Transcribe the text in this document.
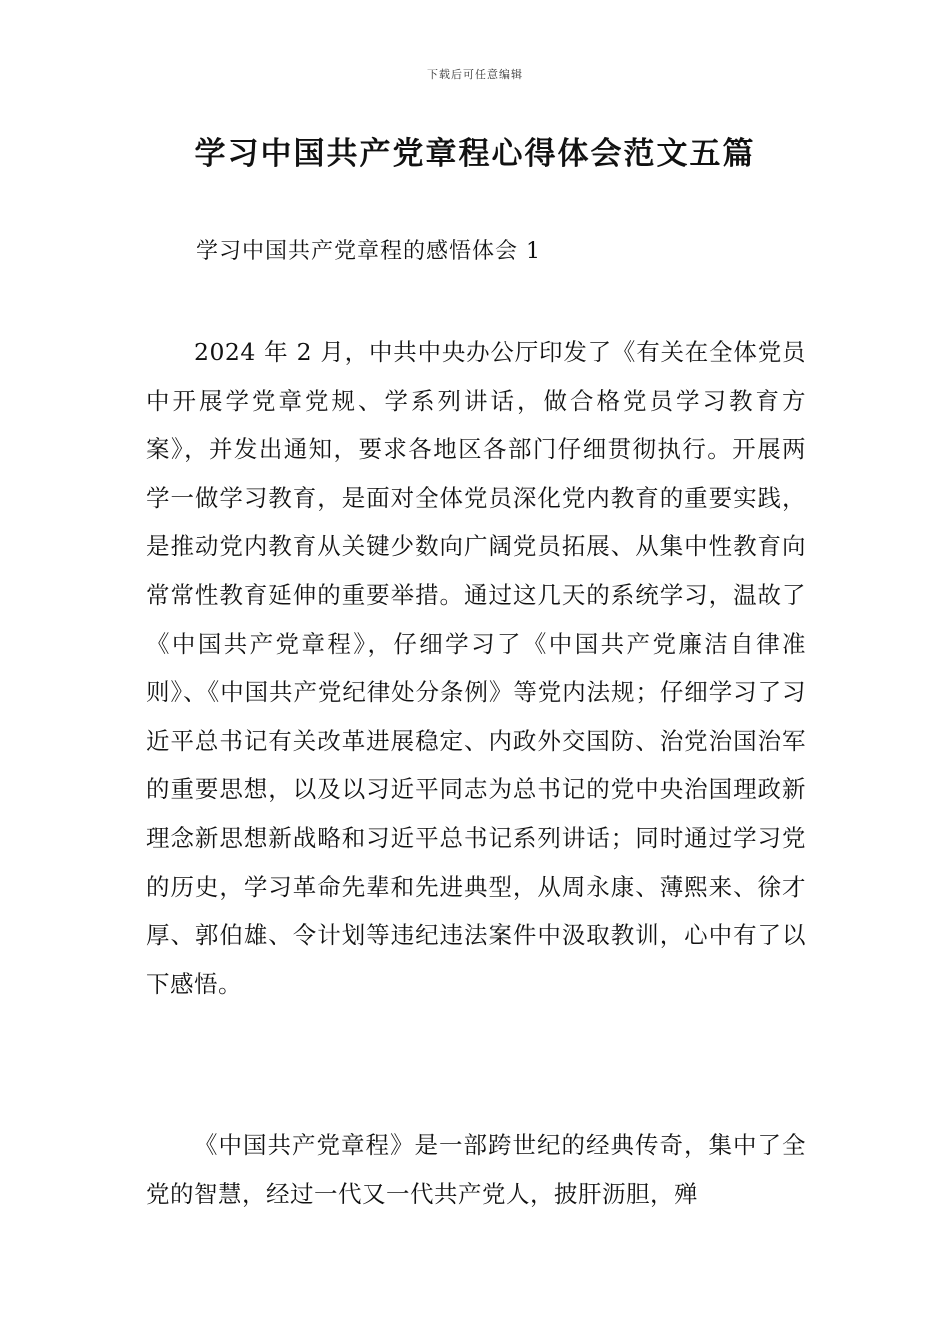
下载后可任意编辑
学习中国共产党章程心得体会范文五篇
学习中国共产党章程的感悟体会 1

2024 年 2 月，中共中央办公厅印发了《有关在全体党员中开展学党章党规、学系列讲话，做合格党员学习教育方案》，并发出通知，要求各地区各部门仔细贯彻执行。开展两学一做学习教育，是面对全体党员深化党内教育的重要实践，是推动党内教育从关键少数向广阔党员拓展、从集中性教育向常常性教育延伸的重要举措。通过这几天的系统学习，温故了《中国共产党章程》，仔细学习了《中国共产党廉洁自律准则》、《中国共产党纪律处分条例》等党内法规；仔细学习了习近平总书记有关改革进展稳定、内政外交国防、治党治国治军的重要思想，以及以习近平同志为总书记的党中央治国理政新理念新思想新战略和习近平总书记系列讲话；同时通过学习党的历史，学习革命先辈和先进典型，从周永康、薄熙来、徐才厚、郭伯雄、令计划等违纪违法案件中汲取教训，心中有了以下感悟。

《中国共产党章程》是一部跨世纪的经典传奇，集中了全党的智慧，经过一代又一代共产党人，披肝沥胆，殚
